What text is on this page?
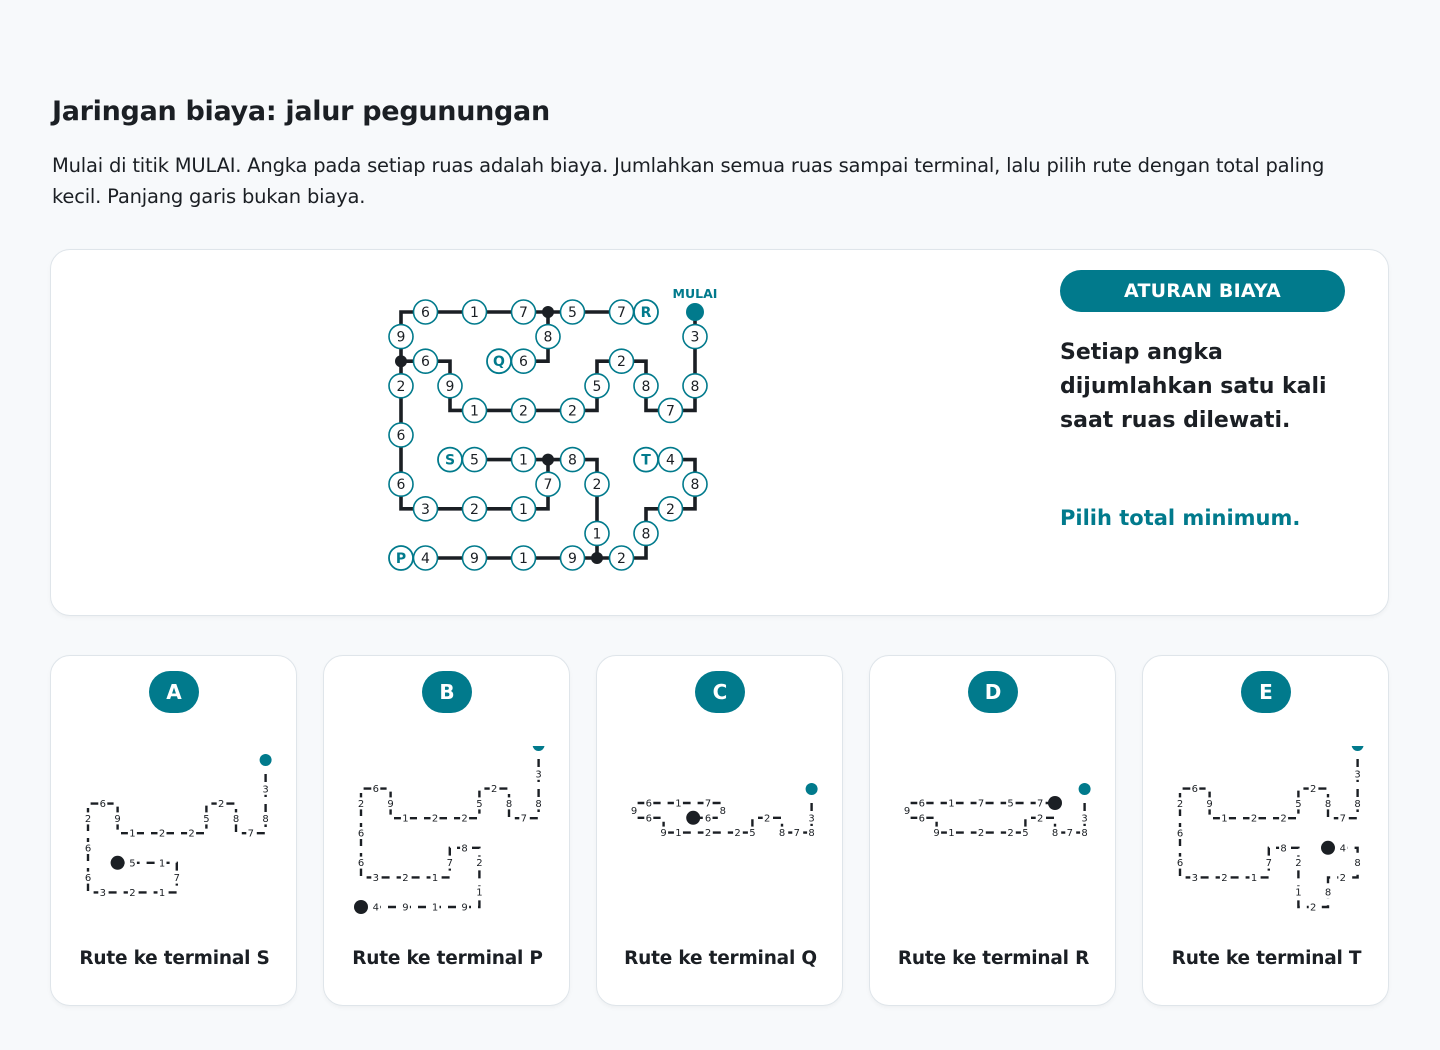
Jaringan biaya: jalur pegunungan

Mulai di titik MULAI. Angka pada setiap ruas adalah biaya. Jumlahkan semua ruas sampai terminal, lalu pilih rute dengan total paling kecil. Panjang garis bukan biaya.

MULAI
6	1	7	5	7
9	8	3
6	6	2
2	9	5	8	8
1	2	2	7
6
5	1	8	4
6	7	2	8
3	2	1	2
1	8
4	9	1	9	2
R
Q
S	T
P
ATURAN BIAYA

Setiap angka dijumlahkan satu kali saat ruas dilewati.

Pilih total minimum.

A
3
8
7
8
2
5
2
2
1
9
6
2
6
6
3 2 1
7
1
5
Rute ke terminal S
B
3
8
7
8
2
5
2
2
1
9
6
2
6
6
3 2 1
7
8
2
1
9
1
9
4
Rute ke terminal P
C
3
8
7
8
2
5
2
2
1
9
6
9
6 1 7
8
6
Rute ke terminal Q
D
3
8
7
8
2
5
2
2
1
9
6
9
6 1 7 5 7
Rute ke terminal R
E
3
8
7
8
2
5
2
2
1
9
6
2
6
6
3 2 1
7
8
2
1
2
8
2
8
4
Rute ke terminal T
